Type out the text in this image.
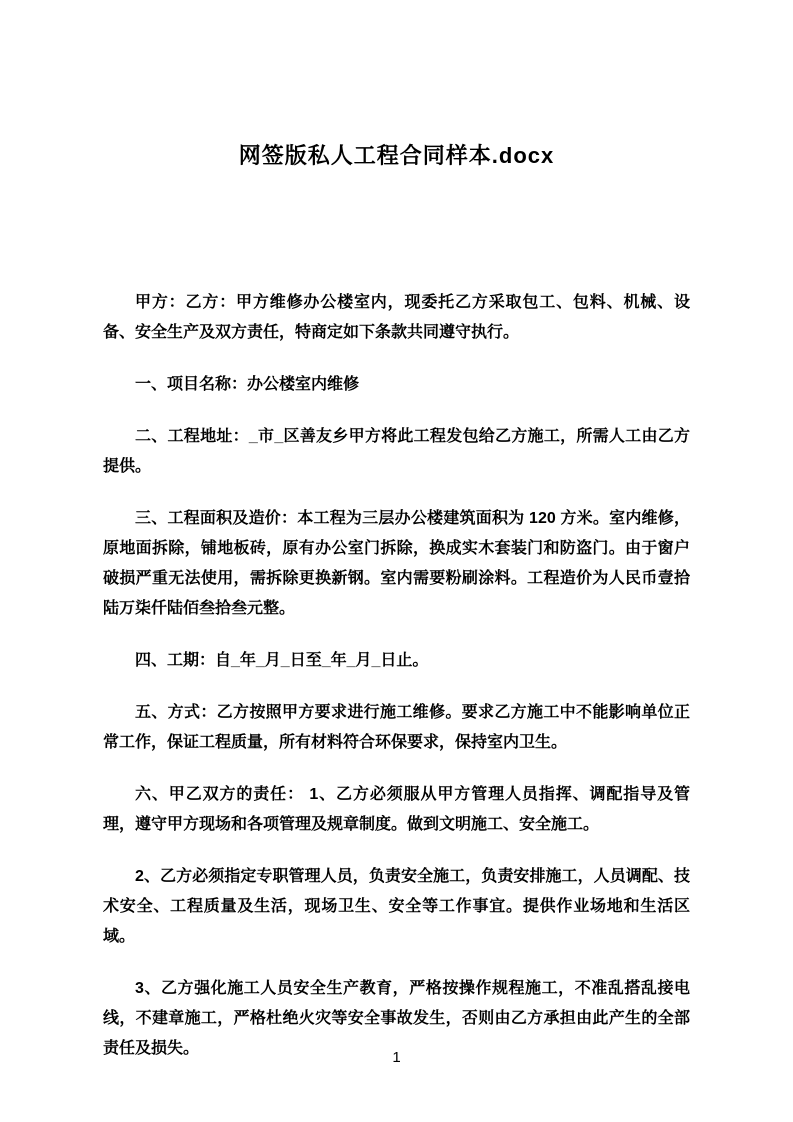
网签版私人工程合同样本.docx

甲方：乙方：甲方维修办公楼室内，现委托乙方采取包工、包料、机械、设备、安全生产及双方责任，特商定如下条款共同遵守执行。

一、项目名称：办公楼室内维修

二、工程地址：_市_区善友乡甲方将此工程发包给乙方施工，所需人工由乙方提供。

三、工程面积及造价：本工程为三层办公楼建筑面积为 120 方米。室内维修，原地面拆除，铺地板砖，原有办公室门拆除，换成实木套装门和防盗门。由于窗户破损严重无法使用，需拆除更换新钢。室内需要粉刷涂料。工程造价为人民币壹拾陆万柒仟陆佰叁拾叁元整。

四、工期：自_年_月_日至_年_月_日止。

五、方式：乙方按照甲方要求进行施工维修。要求乙方施工中不能影响单位正常工作，保证工程质量，所有材料符合环保要求，保持室内卫生。

六、甲乙双方的责任： 1、乙方必须服从甲方管理人员指挥、调配指导及管理，遵守甲方现场和各项管理及规章制度。做到文明施工、安全施工。

2、乙方必须指定专职管理人员，负责安全施工，负责安排施工，人员调配、技术安全、工程质量及生活，现场卫生、安全等工作事宜。提供作业场地和生活区域。

3、乙方强化施工人员安全生产教育，严格按操作规程施工，不准乱搭乱接电线，不建章施工，严格杜绝火灾等安全事故发生，否则由乙方承担由此产生的全部责任及损失。

1
